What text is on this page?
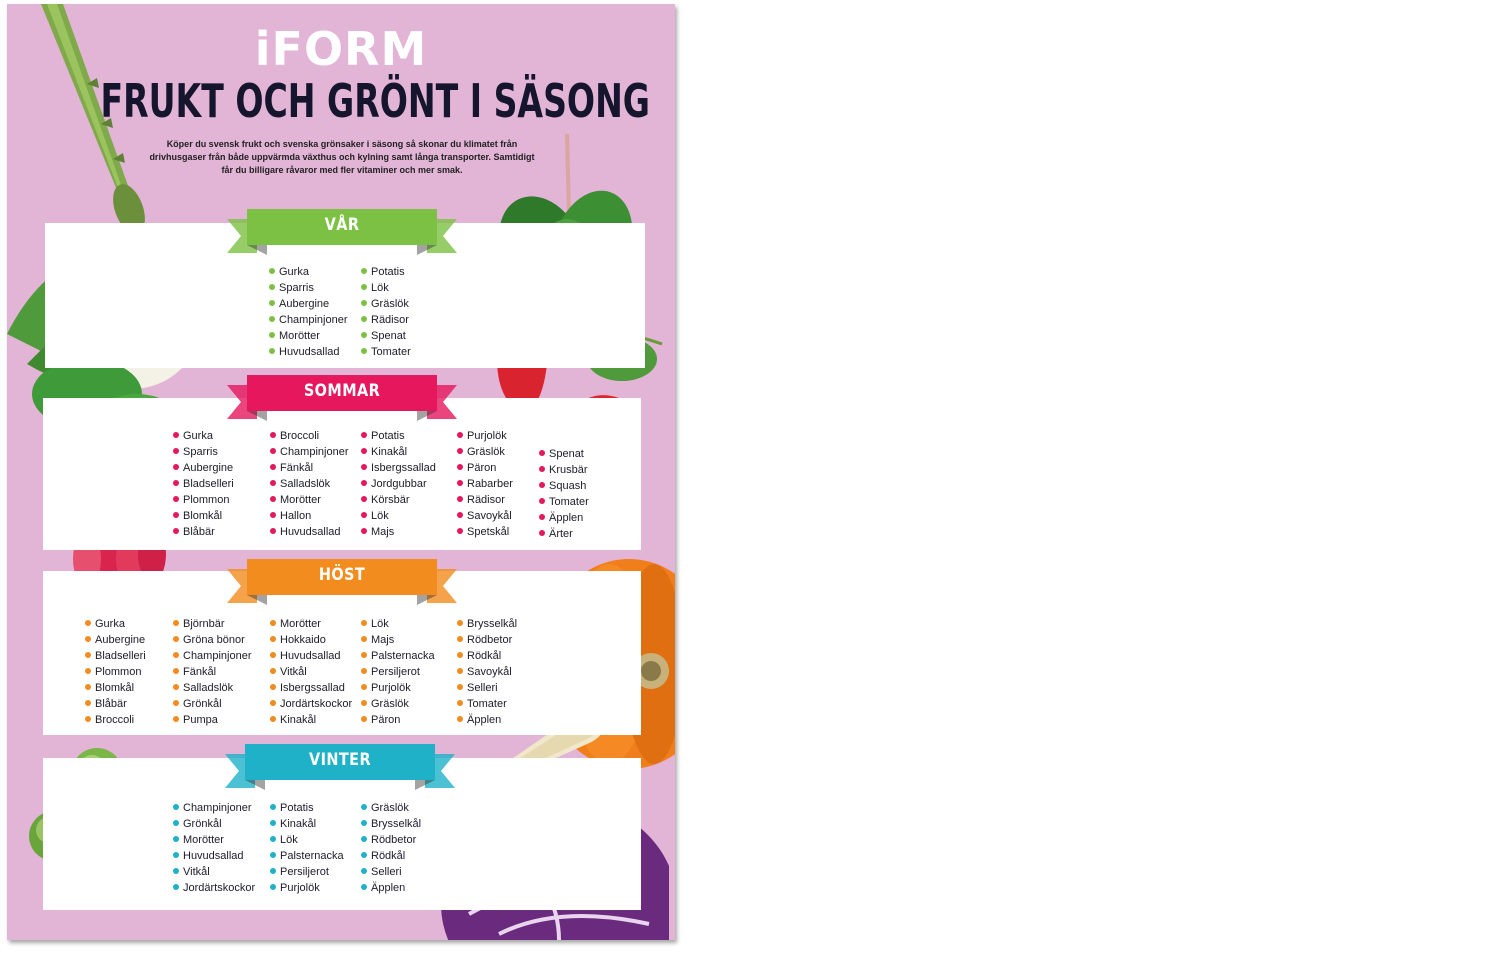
iFORM
FRUKT OCH GRÖNT I SÄSONG
Köper du svensk frukt och svenska grönsaker i säsong så skonar du klimatet från drivhusgaser från både uppvärmda växthus och kylning samt långa transporter. Samtidigt får du billigare råvaror med fler vitaminer och mer smak.
VÅR
Gurka
Sparris
Aubergine
Champinjoner
Morötter
Huvudsallad
Potatis
Lök
Gräslök
Rädisor
Spenat
Tomater
SOMMAR
Gurka
Sparris
Aubergine
Bladselleri
Plommon
Blomkål
Blåbär
Broccoli
Champinjoner
Fänkål
Salladslök
Morötter
Hallon
Huvudsallad
Potatis
Kinakål
Isbergssallad
Jordgubbar
Körsbär
Lök
Majs
Purjolök
Gräslök
Päron
Rabarber
Rädisor
Savoykål
Spetskål
Spenat
Krusbär
Squash
Tomater
Äpplen
Ärter
HÖST
Gurka
Aubergine
Bladselleri
Plommon
Blomkål
Blåbär
Broccoli
Björnbär
Gröna bönor
Champinjoner
Fänkål
Salladslök
Grönkål
Pumpa
Morötter
Hokkaido
Huvudsallad
Vitkål
Isbergssallad
Jordärtskockor
Kinakål
Lök
Majs
Palsternacka
Persiljerot
Purjolök
Gräslök
Päron
Brysselkål
Rödbetor
Rödkål
Savoykål
Selleri
Tomater
Äpplen
VINTER
Champinjoner
Grönkål
Morötter
Huvudsallad
Vitkål
Jordärtskockor
Potatis
Kinakål
Lök
Palsternacka
Persiljerot
Purjolök
Gräslök
Brysselkål
Rödbetor
Rödkål
Selleri
Äpplen
